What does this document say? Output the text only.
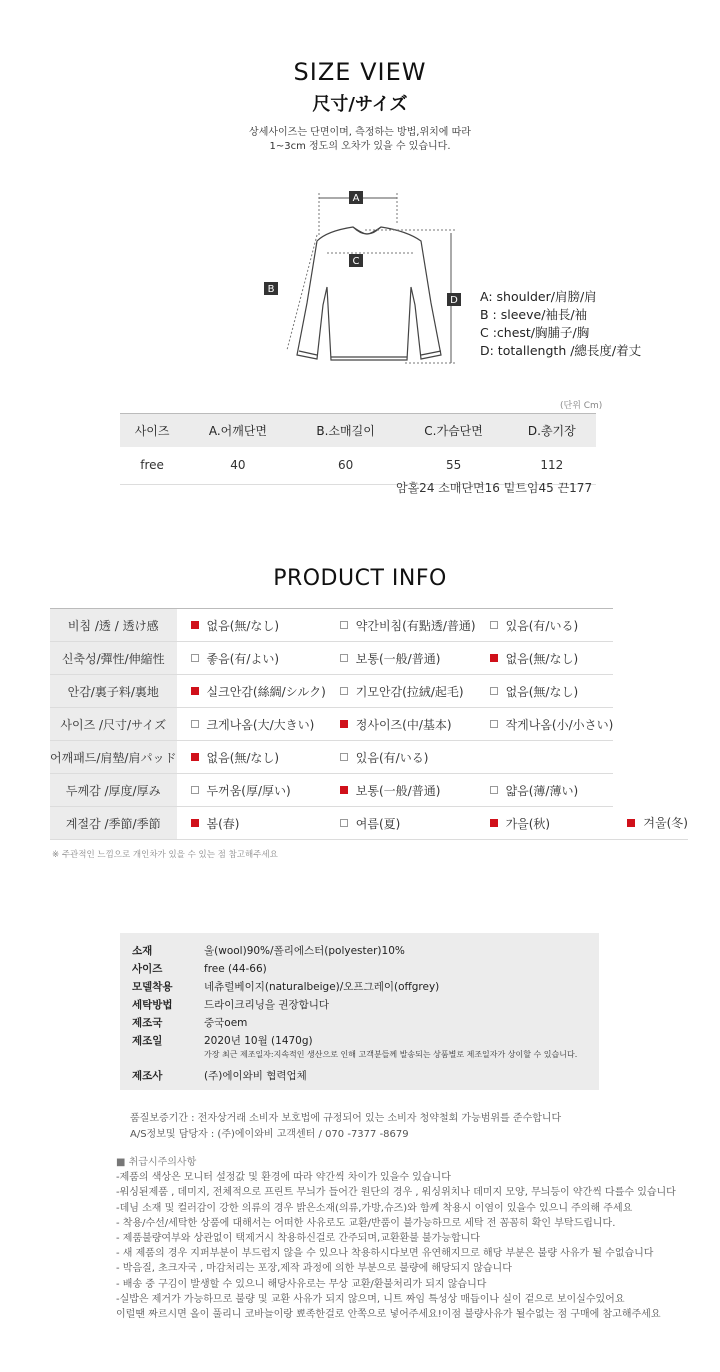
SIZE VIEW
尺寸/サイズ
상세사이즈는 단면이며, 측정하는 방법,위치에 따라
1~3cm 정도의 오차가 있을 수 있습니다.
A
C
B
D A: shoulder/肩膀/肩
B : sleeve/袖長/袖
C :chest/胸脯子/胸
D: totallength /總長度/着丈
(단위 Cm)
사이즈	A.어깨단면	B.소매길이	C.가슴단면	D.총기장
free	40	60	55	112
암홀24 소매단면16 밑트임45 끈177
PRODUCT INFO
비침 /透 / 透け感	없음(無/なし)	약간비침(有點透/普通)	있음(有/いる)	
신축성/彈性/伸縮性	좋음(有/よい)	보통(一般/普通)	없음(無/なし)	
안감/裏子料/裏地	실크안감(絲綢/シルク)	기모안감(拉絨/起毛)	없음(無/なし)	
사이즈 /尺寸/サイズ	크게나옴(大/大きい)	정사이즈(中/基本)	작게나옴(小/小さい)	
어깨패드/肩墊/肩パッド	없음(無/なし)	있음(有/いる)		
두께감 /厚度/厚み	두꺼움(厚/厚い)	보통(一般/普通)	얇음(薄/薄い)	
계절감 /季節/季節	봄(春)	여름(夏)	가을(秋)	겨울(冬)
※ 주관적인 느낌으로 개인차가 있을 수 있는 점 참고해주세요
소재	울(wool)90%/폴리에스터(polyester)10%
사이즈	free (44-66)
모델착용	네츄럴베이지(naturalbeige)/오프그레이(offgrey)
세탁방법	드라이크리닝을 권장합니다
제조국	중국oem
제조일	2020년 10월 (1470g)
가장 최근 제조일자:지속적인 생산으로 인해 고객분들께 발송되는 상품별로 제조일자가 상이할 수 있습니다.
제조사	(주)에이와비 협력업체
품질보증기간 : 전자상거래 소비자 보호법에 규정되어 있는 소비자 청약철회 가능범위를 준수합니다
A/S정보및 담당자 : (주)에이와비 고객센터 / 070 -7377 -8679
■ 취급시주의사항
-제품의 색상은 모니터 설정값 및 환경에 따라 약간씩 차이가 있을수 있습니다
-워싱된제품 , 데미지, 전체적으로 프린트 무늬가 들어간 원단의 경우 , 워싱위치나 데미지 모양, 무늬등이 약간씩 다를수 있습니다
-데님 소재 및 컬러감이 강한 의류의 경우 밝은소재(의류,가방,슈즈)와 함께 착용시 이염이 있을수 있으니 주의해 주세요
- 착용/수선/세탁한 상품에 대해서는 어떠한 사유로도 교환/반품이 불가능하므로 세탁 전 꼼꼼히 확인 부탁드립니다.
- 제품불량여부와 상관없이 택제거시 착용하신걸로 간주되며,교환환불 불가능합니다
- 새 제품의 경우 지퍼부분이 부드럽지 않을 수 있으나 착용하시다보면 유연해지므로 해당 부분은 불량 사유가 될 수없습니다
- 박음질, 초크자국 , 마감처리는 포장,제작 과정에 의한 부분으로 불량에 해당되지 않습니다
- 배송 중 구김이 발생할 수 있으니 해당사유로는 무상 교환/환불처리가 되지 않습니다
-실밥은 제거가 가능하므로 불량 및 교환 사유가 되지 않으며, 니트 짜임 특성상 매듭이나 실이 겉으로 보이실수있어요
이럴땐 짜르시면 올이 풀리니 코바늘이랑 뾰족한걸로 안쪽으로 넣어주세요!이점 불량사유가 될수없는 점 구매에 참고해주세요
